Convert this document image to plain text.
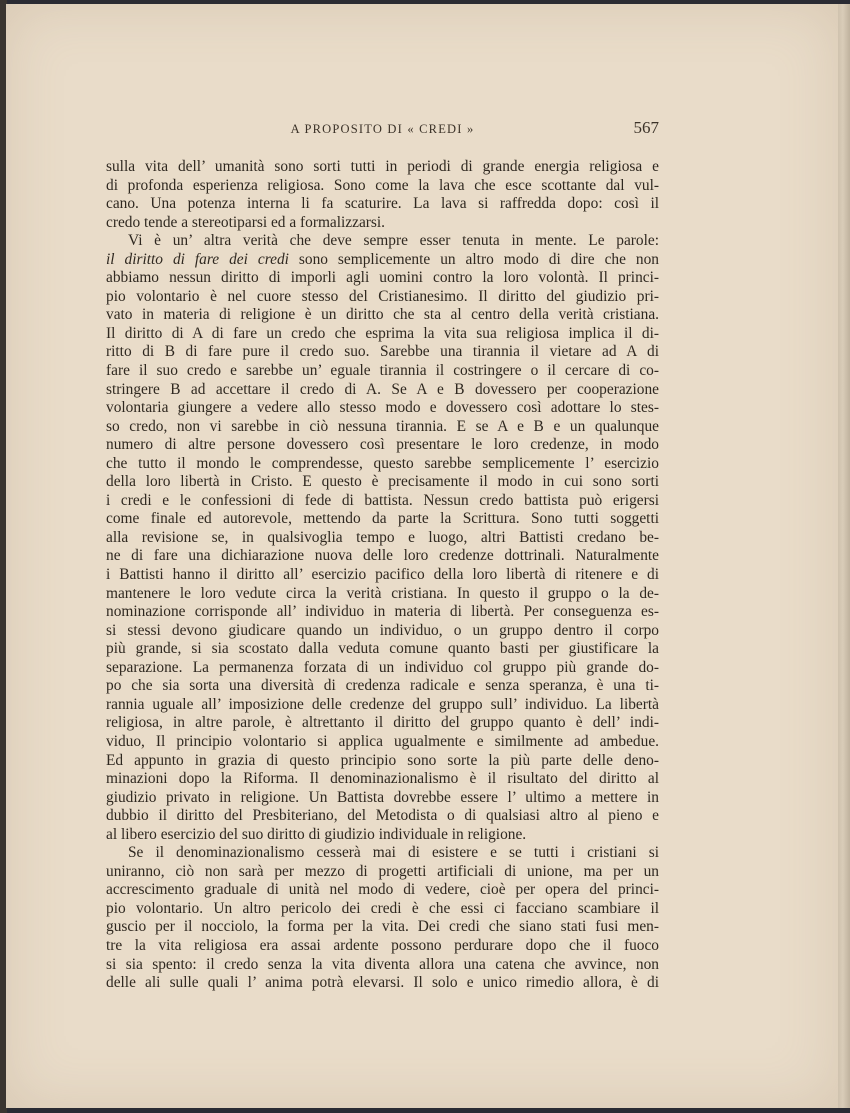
A PROPOSITO DI « CREDI »	567

sulla vita dell’ umanità sono sorti tutti in periodi di grande energia religiosa e
di profonda esperienza religiosa. Sono come la lava che esce scottante dal vul-
cano. Una potenza interna li fa scaturire. La lava si raffredda dopo: così il
credo tende a stereotiparsi ed a formalizzarsi.

Vi è un’ altra verità che deve sempre esser tenuta in mente. Le parole:
il diritto di fare dei credi sono semplicemente un altro modo di dire che non
abbiamo nessun diritto di imporli agli uomini contro la loro volontà. Il princi-
pio volontario è nel cuore stesso del Cristianesimo. Il diritto del giudizio pri-
vato in materia di religione è un diritto che sta al centro della verità cristiana.
Il diritto di A di fare un credo che esprima la vita sua religiosa implica il di-
ritto di B di fare pure il credo suo. Sarebbe una tirannia il vietare ad A di
fare il suo credo e sarebbe un’ eguale tirannia il costringere o il cercare di co-
stringere B ad accettare il credo di A. Se A e B dovessero per cooperazione
volontaria giungere a vedere allo stesso modo e dovessero così adottare lo stes-
so credo, non vi sarebbe in ciò nessuna tirannia. E se A e B e un qualunque
numero di altre persone dovessero così presentare le loro credenze, in modo
che tutto il mondo le comprendesse, questo sarebbe semplicemente l’ esercizio
della loro libertà in Cristo. E questo è precisamente il modo in cui sono sorti
i credi e le confessioni di fede di battista. Nessun credo battista può erigersi
come finale ed autorevole, mettendo da parte la Scrittura. Sono tutti soggetti
alla revisione se, in qualsivoglia tempo e luogo, altri Battisti credano be-
ne di fare una dichiarazione nuova delle loro credenze dottrinali. Naturalmente
i Battisti hanno il diritto all’ esercizio pacifico della loro libertà di ritenere e di
mantenere le loro vedute circa la verità cristiana. In questo il gruppo o la de-
nominazione corrisponde all’ individuo in materia di libertà. Per conseguenza es-
si stessi devono giudicare quando un individuo, o un gruppo dentro il corpo
più grande, si sia scostato dalla veduta comune quanto basti per giustificare la
separazione. La permanenza forzata di un individuo col gruppo più grande do-
po che sia sorta una diversità di credenza radicale e senza speranza, è una ti-
rannia uguale all’ imposizione delle credenze del gruppo sull’ individuo. La libertà
religiosa, in altre parole, è altrettanto il diritto del gruppo quanto è dell’ indi-
viduo, Il principio volontario si applica ugualmente e similmente ad ambedue.
Ed appunto in grazia di questo principio sono sorte la più parte delle deno-
minazioni dopo la Riforma. Il denominazionalismo è il risultato del diritto al
giudizio privato in religione. Un Battista dovrebbe essere l’ ultimo a mettere in
dubbio il diritto del Presbiteriano, del Metodista o di qualsiasi altro al pieno e
al libero esercizio del suo diritto di giudizio individuale in religione.

Se il denominazionalismo cesserà mai di esistere e se tutti i cristiani si
uniranno, ciò non sarà per mezzo di progetti artificiali di unione, ma per un
accrescimento graduale di unità nel modo di vedere, cioè per opera del princi-
pio volontario. Un altro pericolo dei credi è che essi ci facciano scambiare il
guscio per il nocciolo, la forma per la vita. Dei credi che siano stati fusi men-
tre la vita religiosa era assai ardente possono perdurare dopo che il fuoco
si sia spento: il credo senza la vita diventa allora una catena che avvince, non
delle ali sulle quali l’ anima potrà elevarsi. Il solo e unico rimedio allora, è di
